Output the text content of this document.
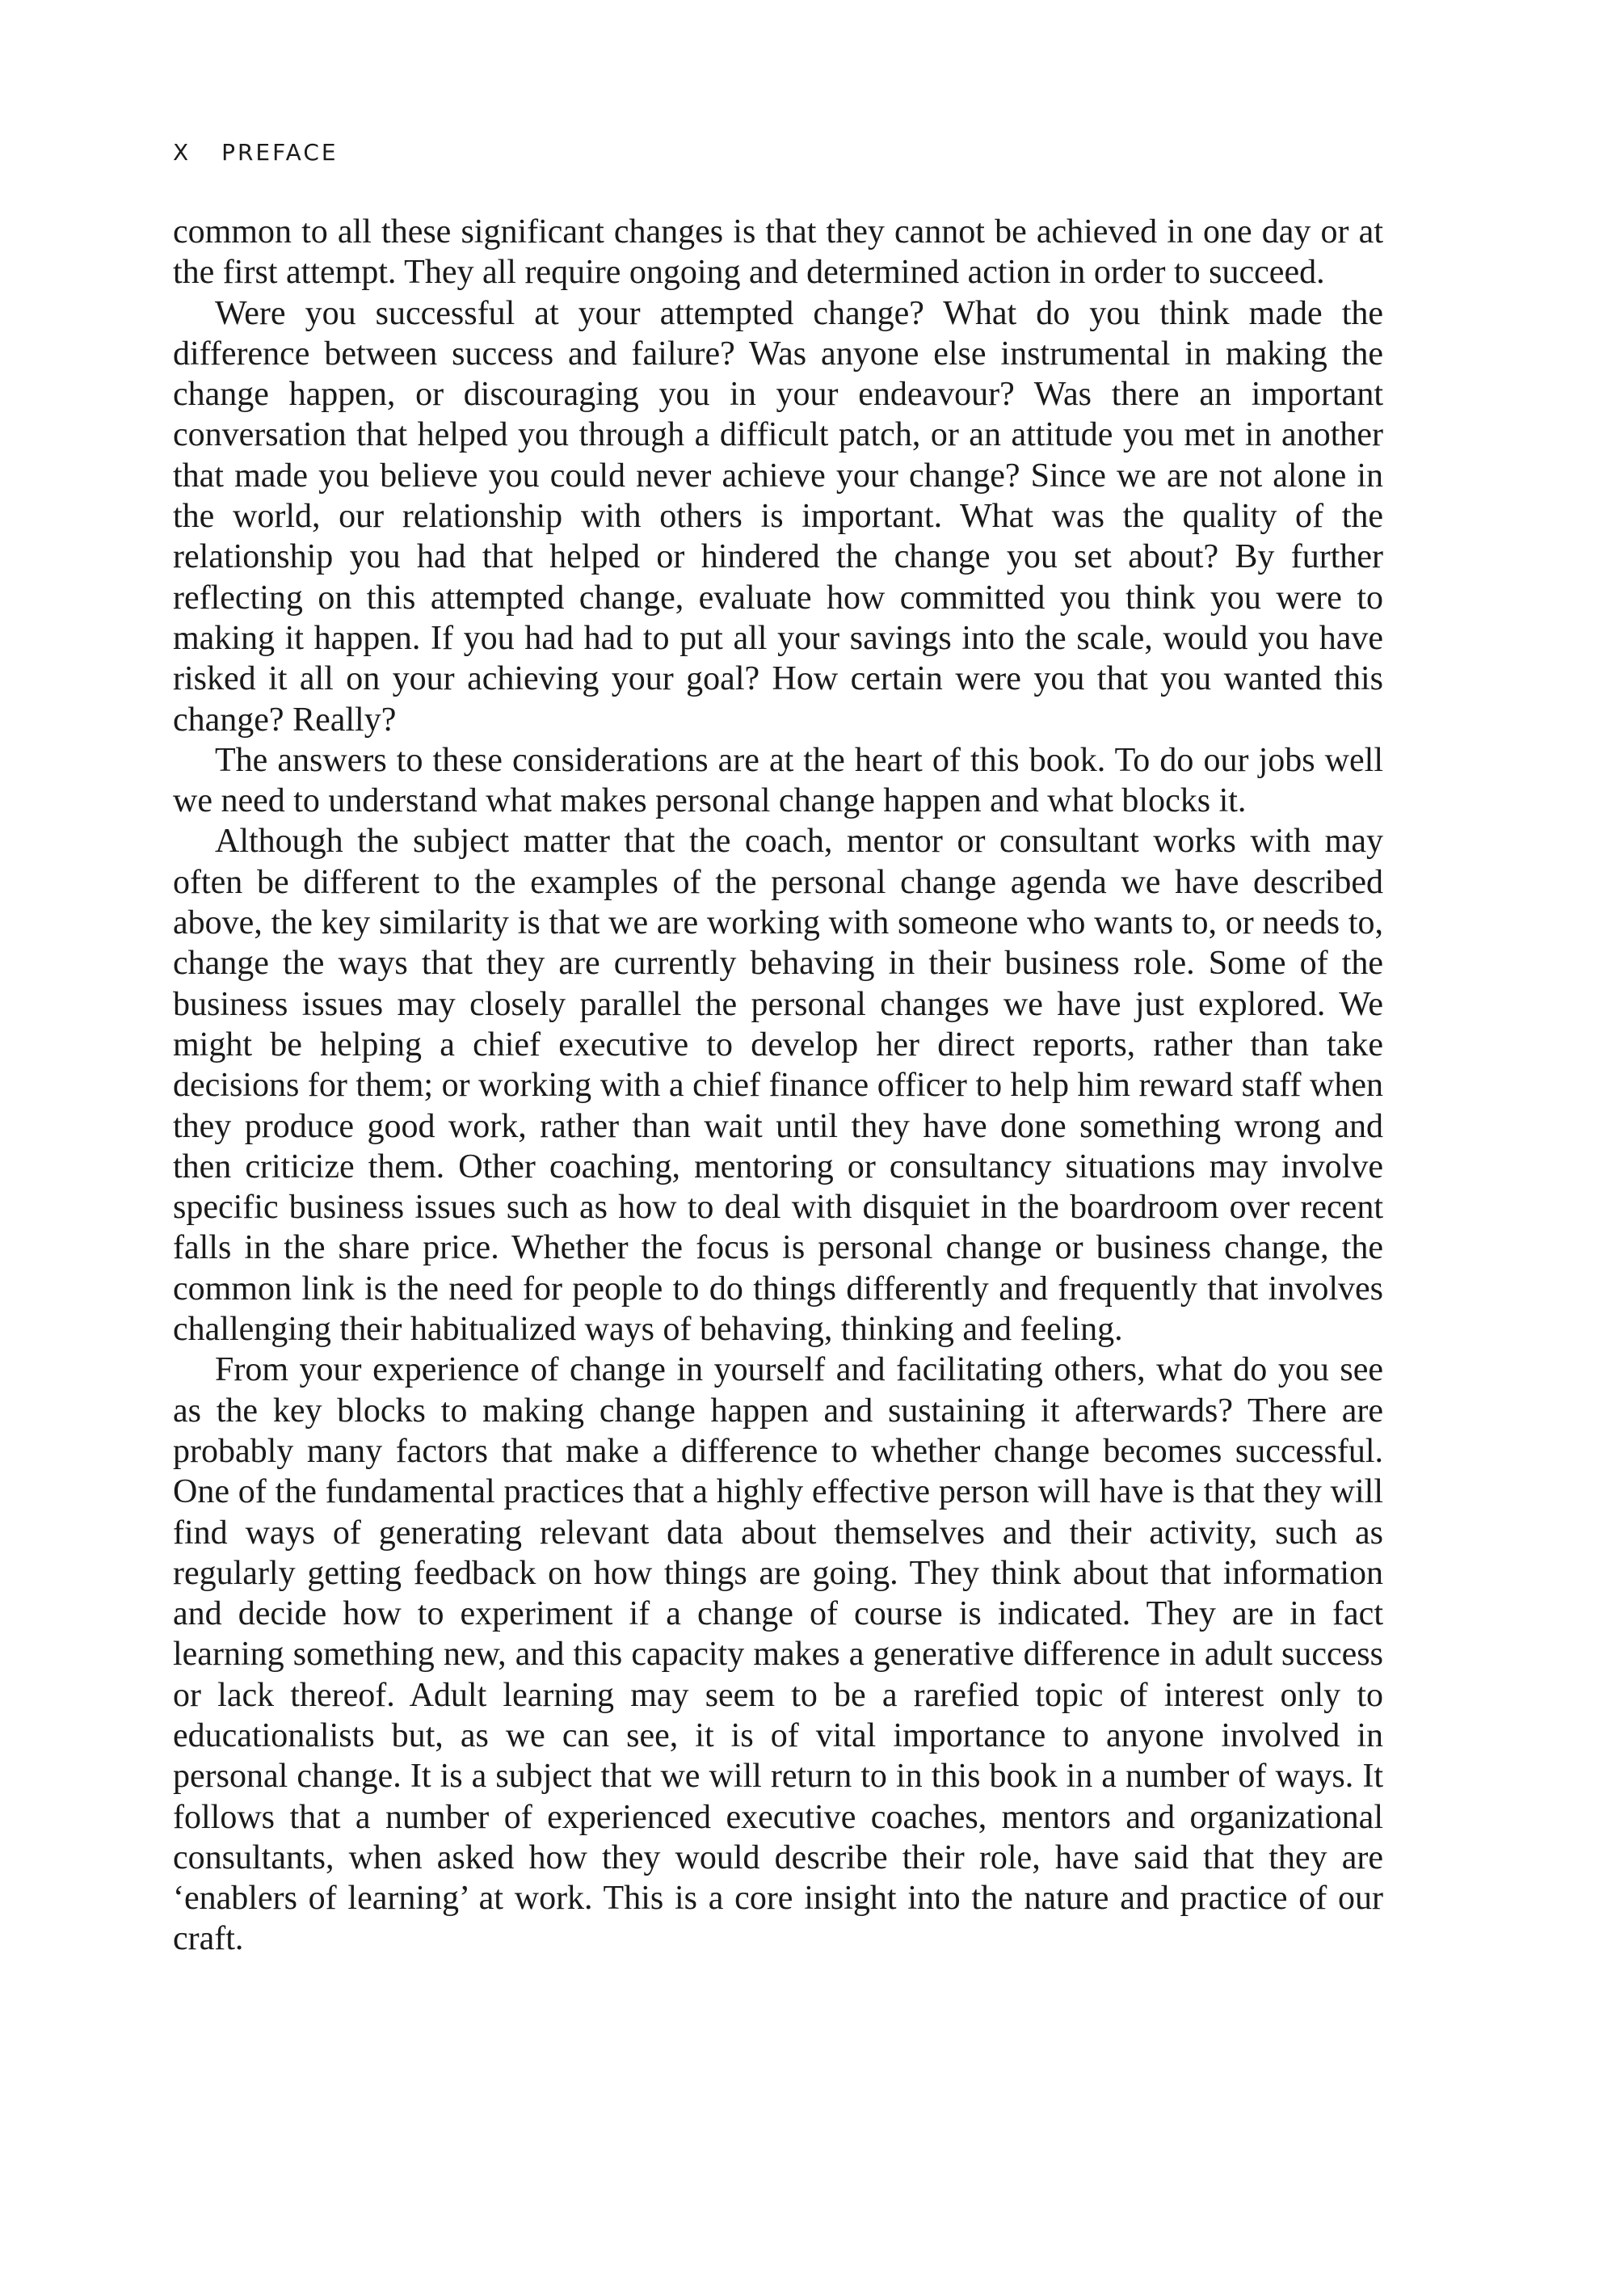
X PREFACE

common to all these significant changes is that they cannot be achieved in one day or at the first attempt. They all require ongoing and determined action in order to succeed.

Were you successful at your attempted change? What do you think made the difference between success and failure? Was anyone else instrumental in making the change happen, or discouraging you in your endeavour? Was there an important conversation that helped you through a difficult patch, or an attitude you met in another that made you believe you could never achieve your change? Since we are not alone in the world, our relationship with others is important. What was the quality of the relationship you had that helped or hindered the change you set about? By further reflecting on this attempted change, evaluate how committed you think you were to making it happen. If you had had to put all your savings into the scale, would you have risked it all on your achieving your goal? How certain were you that you wanted this change? Really?

The answers to these considerations are at the heart of this book. To do our jobs well we need to understand what makes personal change happen and what blocks it.

Although the subject matter that the coach, mentor or consultant works with may often be different to the examples of the personal change agenda we have described above, the key similarity is that we are working with someone who wants to, or needs to, change the ways that they are currently behaving in their business role. Some of the business issues may closely parallel the personal changes we have just explored. We might be helping a chief executive to develop her direct reports, rather than take decisions for them; or working with a chief finance officer to help him reward staff when they produce good work, rather than wait until they have done something wrong and then criticize them. Other coaching, mentoring or consultancy situations may involve specific business issues such as how to deal with disquiet in the boardroom over recent falls in the share price. Whether the focus is personal change or business change, the common link is the need for people to do things differently and frequently that involves challenging their habitualized ways of behaving, thinking and feeling.

From your experience of change in yourself and facilitating others, what do you see as the key blocks to making change happen and sustaining it afterwards? There are probably many factors that make a difference to whether change becomes successful. One of the fundamental practices that a highly effective person will have is that they will find ways of generating relevant data about themselves and their activity, such as regularly getting feedback on how things are going. They think about that information and decide how to experiment if a change of course is indicated. They are in fact learning something new, and this capacity makes a generative difference in adult success or lack thereof. Adult learning may seem to be a rarefied topic of interest only to educationalists but, as we can see, it is of vital importance to anyone involved in personal change. It is a subject that we will return to in this book in a number of ways. It follows that a number of experienced executive coaches, mentors and organizational consultants, when asked how they would describe their role, have said that they are ‘enablers of learning’ at work. This is a core insight into the nature and practice of our craft.
